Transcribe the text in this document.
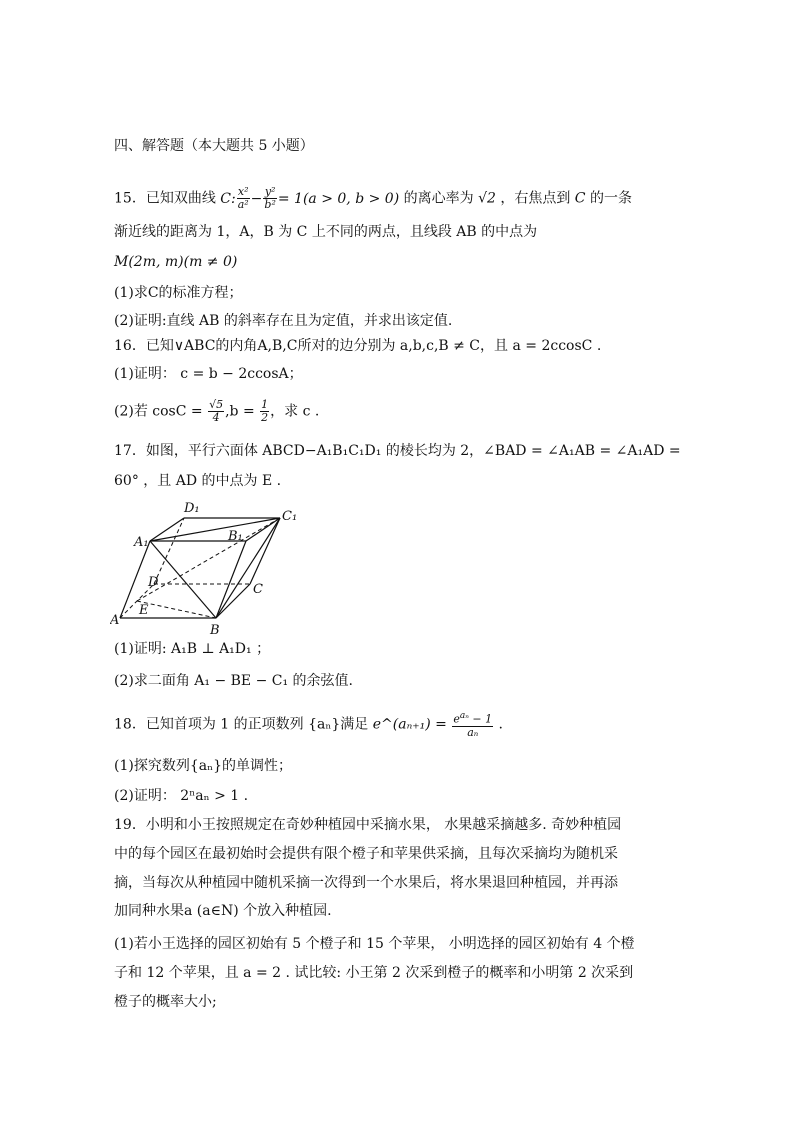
四、解答题（本大题共 5 小题）
15．已知双曲线 C: $\frac{\text{x²}}{\text{a²}} - \frac{\text{y²}}{\text{b²}} = 1(a > 0$, b > 0) 的离心率为 √2 ，右焦点到 C 的一条
渐近线的距离为 1，A，B 为 C 上不同的两点，且线段 AB 的中点为
M(2m, m)(m ≠ 0)
(1)求C的标准方程；
(2)证明:直线 AB 的斜率存在且为定值，并求出该定值.
16．已知∨ABC的内角A,B,C所对的边分别为 a,b,c,B ≠ C，且 a = 2ccosC .
(1)证明： c = b − 2ccosA；
(2)若 $\cos C = \frac{√5}{4} ,b = \frac{1}{2}$ ，求 c .
17．如图，平行六面体 ABCD−A₁B₁C₁D₁ 的棱长均为 2，∠BAD = ∠A₁AB = ∠A₁AD =
60° ，且 AD 的中点为 E .
A
B
C
D
E
A₁	B₁
C₁
D₁
(1)证明: A₁B ⊥ A₁D₁ ；
(2)求二面角 A₁ − BE − C₁ 的余弦值.
18．已知首项为 1 的正项数列 {aₙ}满足 e^(aₙ₊₁) = $\frac{e^{a_n} - 1}{\text{aₙ}}$ .
(1)探究数列{aₙ}的单调性；
(2)证明： 2ⁿaₙ > 1 .
19．小明和小王按照规定在奇妙种植园中采摘水果， 水果越采摘越多. 奇妙种植园
中的每个园区在最初始时会提供有限个橙子和苹果供采摘，且每次采摘均为随机采
摘，当每次从种植园中随机采摘一次得到一个水果后，将水果退回种植园，并再添
加同种水果a (a∈N) 个放入种植园.
(1)若小王选择的园区初始有 5 个橙子和 15 个苹果， 小明选择的园区初始有 4 个橙
子和 12 个苹果，且 a = 2 . 试比较: 小王第 2 次采到橙子的概率和小明第 2 次采到
橙子的概率大小;
